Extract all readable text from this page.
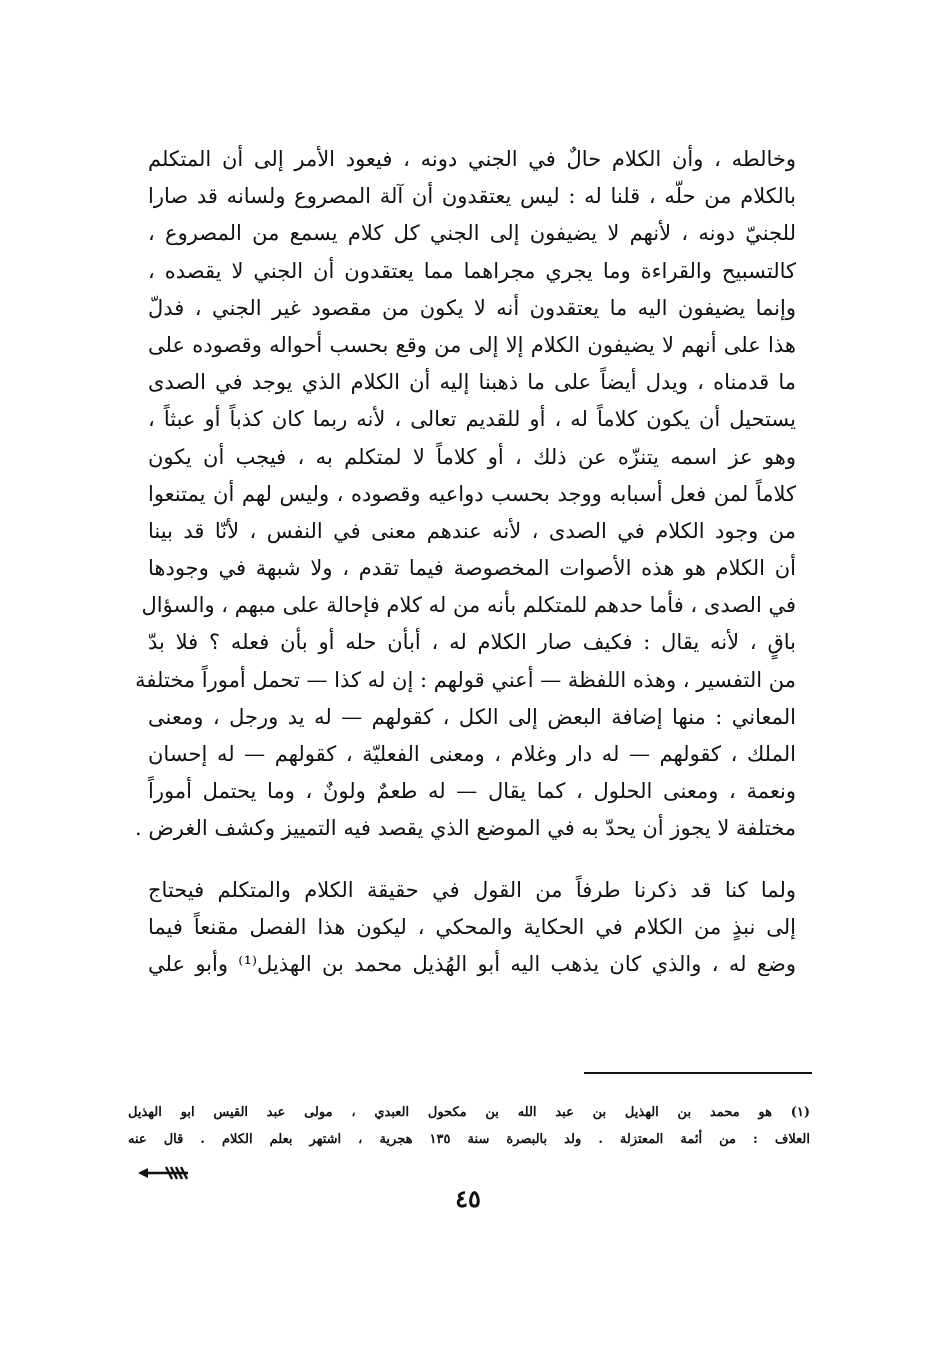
وخالطه ، وأن الكلام حالٌ في الجني دونه ، فيعود الأمر إلى أن المتكلم
بالكلام من حلّه ، قلنا له : ليس يعتقدون أن آلة المصروع ولسانه قد صارا
للجنيّ دونه ، لأنهم لا يضيفون إلى الجني كل كلام يسمع من المصروع ،
كالتسبيح والقراءة وما يجري مجراهما مما يعتقدون أن الجني لا يقصده ،
وإنما يضيفون اليه ما يعتقدون أنه لا يكون من مقصود غير الجني ، فدلّ
هذا على أنهم لا يضيفون الكلام إلا إلى من وقع بحسب أحواله وقصوده على
ما قدمناه ، ويدل أيضاً على ما ذهبنا إليه أن الكلام الذي يوجد في الصدى
يستحيل أن يكون كلاماً له ، أو للقديم تعالى ، لأنه ربما كان كذباً أو عبثاً ،
وهو عز اسمه يتنزّه عن ذلك ، أو كلاماً لا لمتكلم به ، فيجب أن يكون
كلاماً لمن فعل أسبابه ووجد بحسب دواعيه وقصوده ، وليس لهم أن يمتنعوا
من وجود الكلام في الصدى ، لأنه عندهم معنى في النفس ، لأنّا قد بينا
أن الكلام هو هذه الأصوات المخصوصة فيما تقدم ، ولا شبهة في وجودها
في الصدى ، فأما حدهم للمتكلم بأنه من له كلام فإحالة على مبهم ، والسؤال
باقٍ ، لأنه يقال : فكيف صار الكلام له ، أبأن حله أو بأن فعله ؟ فلا بدّ
من التفسير ، وهذه اللفظة — أعني قولهم : إن له كذا — تحمل أموراً مختلفة
المعاني : منها إضافة البعض إلى الكل ، كقولهم — له يد ورجل ، ومعنى
الملك ، كقولهم — له دار وغلام ، ومعنى الفعليّة ، كقولهم — له إحسان
ونعمة ، ومعنى الحلول ، كما يقال — له طعمٌ ولونٌ ، وما يحتمل أموراً
مختلفة لا يجوز أن يحدّ به في الموضع الذي يقصد فيه التمييز وكشف الغرض .
ولما كنا قد ذكرنا طرفاً من القول في حقيقة الكلام والمتكلم فيحتاج
إلى نبذٍ من الكلام في الحكاية والمحكي ، ليكون هذا الفصل مقنعاً فيما
وضع له ، والذي كان يذهب اليه أبو الهُذيل محمد بن الهذيل⁽¹⁾ وأبو علي
(١) هو محمد بن الهذيل بن عبد الله بن مكحول العبدي ، مولى عبد القيس ابو الهذيل
العلاف : من أئمة المعتزلة . ولد بالبصرة سنة ١٣٥ هجرية ، اشتهر بعلم الكلام . قال عنه
٤٥
